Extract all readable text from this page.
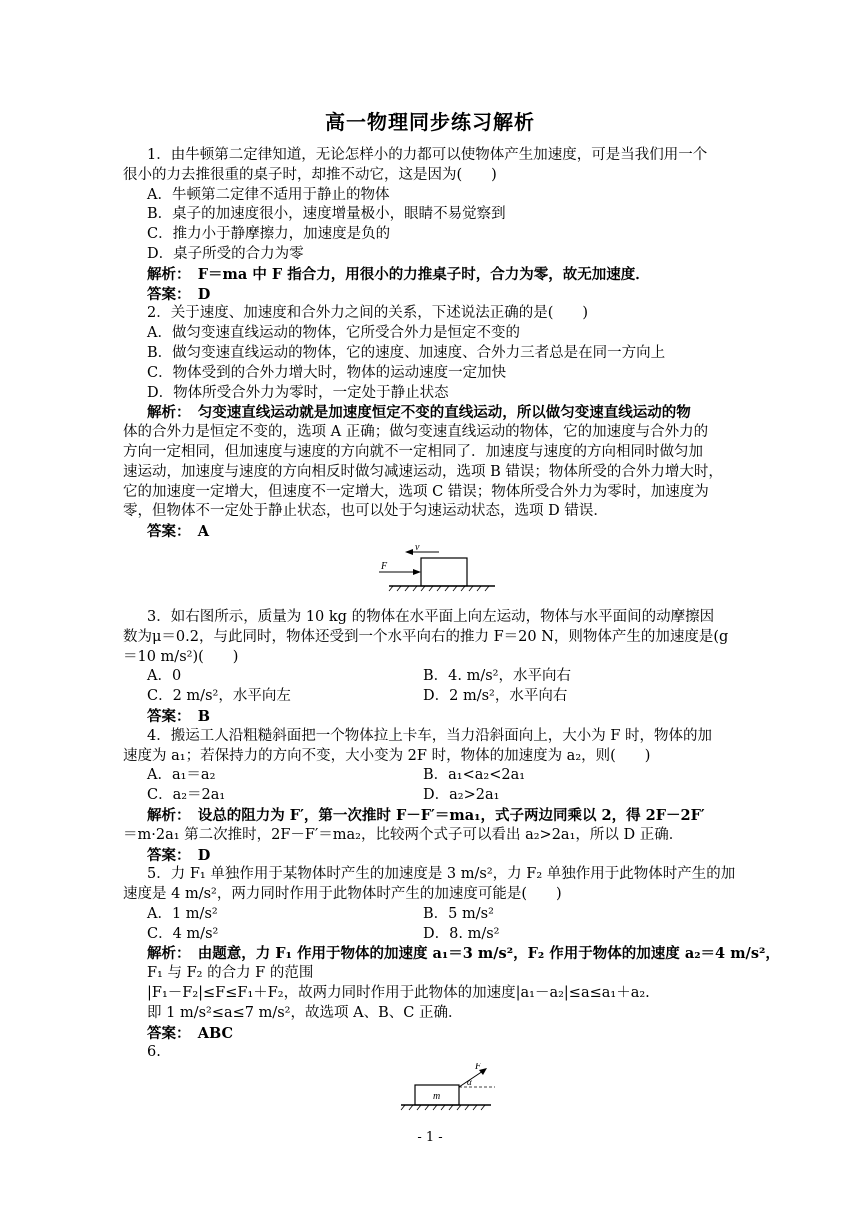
高一物理同步练习解析
1．由牛顿第二定律知道，无论怎样小的力都可以使物体产生加速度，可是当我们用一个
很小的力去推很重的桌子时，却推不动它，这是因为(　　)
A．牛顿第二定律不适用于静止的物体
B．桌子的加速度很小，速度增量极小，眼睛不易觉察到
C．推力小于静摩擦力，加速度是负的
D．桌子所受的合力为零
解析：　F＝ma 中 F 指合力，用很小的力推桌子时，合力为零，故无加速度．
答案：　D
2．关于速度、加速度和合外力之间的关系，下述说法正确的是(　　)
A．做匀变速直线运动的物体，它所受合外力是恒定不变的
B．做匀变速直线运动的物体，它的速度、加速度、合外力三者总是在同一方向上
C．物体受到的合外力增大时，物体的运动速度一定加快
D．物体所受合外力为零时，一定处于静止状态
解析：　匀变速直线运动就是加速度恒定不变的直线运动，所以做匀变速直线运动的物
体的合外力是恒定不变的，选项 A 正确；做匀变速直线运动的物体，它的加速度与合外力的
方向一定相同，但加速度与速度的方向就不一定相同了．加速度与速度的方向相同时做匀加
速运动，加速度与速度的方向相反时做匀减速运动，选项 B 错误；物体所受的合外力增大时，
它的加速度一定增大，但速度不一定增大，选项 C 错误；物体所受合外力为零时，加速度为
零，但物体不一定处于静止状态，也可以处于匀速运动状态，选项 D 错误．
答案：　A
v
F
3．如右图所示，质量为 10 kg 的物体在水平面上向左运动，物体与水平面间的动摩擦因
数为μ＝0.2，与此同时，物体还受到一个水平向右的推力 F＝20 N，则物体产生的加速度是(g
＝10 m/s²)(　　)
A．0	B．4. m/s²，水平向右
C．2 m/s²，水平向左	D．2 m/s²，水平向右
答案：　B
4．搬运工人沿粗糙斜面把一个物体拉上卡车，当力沿斜面向上，大小为 F 时，物体的加
速度为 a₁；若保持力的方向不变，大小变为 2F 时，物体的加速度为 a₂，则(　　)
A．a₁＝a₂	B．a₁<a₂<2a₁
C．a₂＝2a₁	D．a₂>2a₁
解析：　设总的阻力为 F′，第一次推时 F－F′＝ma₁，式子两边同乘以 2，得 2F－2F′
＝m·2a₁ 第二次推时，2F－F′＝ma₂，比较两个式子可以看出 a₂>2a₁，所以 D 正确．
答案：　D
5．力 F₁ 单独作用于某物体时产生的加速度是 3 m/s²，力 F₂ 单独作用于此物体时产生的加
速度是 4 m/s²，两力同时作用于此物体时产生的加速度可能是(　　)
A．1 m/s²	B．5 m/s²
C．4 m/s²	D．8. m/s²
解析：　由题意，力 F₁ 作用于物体的加速度 a₁＝3 m/s²，F₂ 作用于物体的加速度 a₂＝4 m/s²，
F₁ 与 F₂ 的合力 F 的范围
|F₁－F₂|≤F≤F₁＋F₂，故两力同时作用于此物体的加速度|a₁－a₂|≤a≤a₁＋a₂.
即 1 m/s²≤a≤7 m/s²，故选项 A、B、C 正确．
答案：　ABC
6.
m
F
α
- 1 -
